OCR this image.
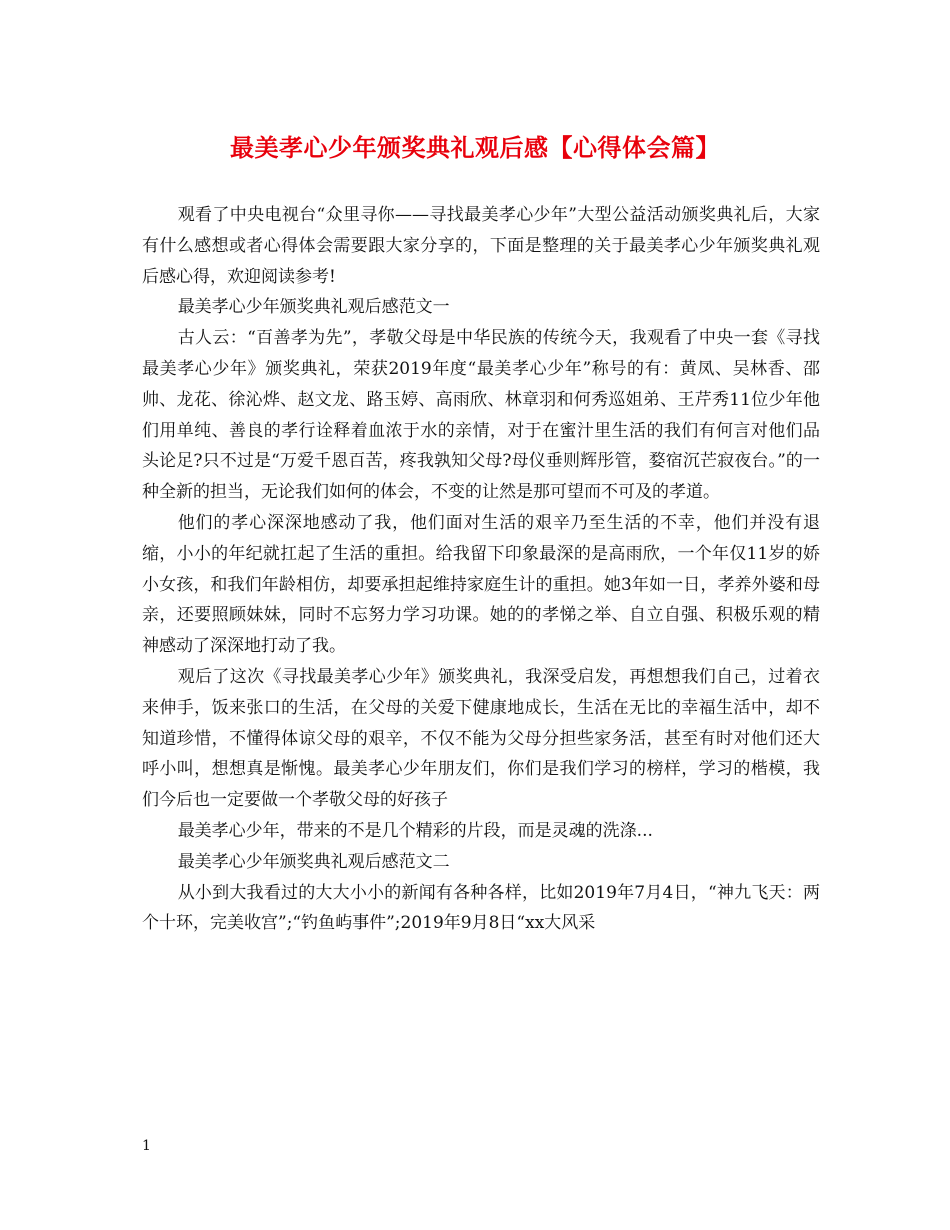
最美孝心少年颁奖典礼观后感【心得体会篇】

观看了中央电视台“众里寻你——寻找最美孝心少年”大型公益活动颁奖典礼后，大家有什么感想或者心得体会需要跟大家分享的，下面是整理的关于最美孝心少年颁奖典礼观后感心得，欢迎阅读参考!

最美孝心少年颁奖典礼观后感范文一

古人云：“百善孝为先”，孝敬父母是中华民族的传统今天，我观看了中央一套《寻找最美孝心少年》颁奖典礼，荣获2019年度“最美孝心少年”称号的有：黄凤、吴林香、邵帅、龙花、徐沁烨、赵文龙、路玉婷、高雨欣、林章羽和何秀巡姐弟、王芹秀11位少年他们用单纯、善良的孝行诠释着血浓于水的亲情，对于在蜜汁里生活的我们有何言对他们品头论足?只不过是“万爱千恩百苦，疼我孰知父母?母仪垂则辉彤管，婺宿沉芒寂夜台。”的一种全新的担当，无论我们如何的体会，不变的让然是那可望而不可及的孝道。

他们的孝心深深地感动了我，他们面对生活的艰辛乃至生活的不幸，他们并没有退缩，小小的年纪就扛起了生活的重担。给我留下印象最深的是高雨欣，一个年仅11岁的娇小女孩，和我们年龄相仿，却要承担起维持家庭生计的重担。她3年如一日，孝养外婆和母亲，还要照顾妹妹，同时不忘努力学习功课。她的的孝悌之举、自立自强、积极乐观的精神感动了深深地打动了我。

观后了这次《寻找最美孝心少年》颁奖典礼，我深受启发，再想想我们自己，过着衣来伸手，饭来张口的生活，在父母的关爱下健康地成长，生活在无比的幸福生活中，却不知道珍惜，不懂得体谅父母的艰辛，不仅不能为父母分担些家务活，甚至有时对他们还大呼小叫，想想真是惭愧。最美孝心少年朋友们，你们是我们学习的榜样，学习的楷模，我们今后也一定要做一个孝敬父母的好孩子

最美孝心少年，带来的不是几个精彩的片段，而是灵魂的洗涤...

最美孝心少年颁奖典礼观后感范文二

从小到大我看过的大大小小的新闻有各种各样，比如2019年7月4日，“神九飞天：两个十环，完美收宫”;“钓鱼屿事件”;2019年9月8日“xx大风采

1
